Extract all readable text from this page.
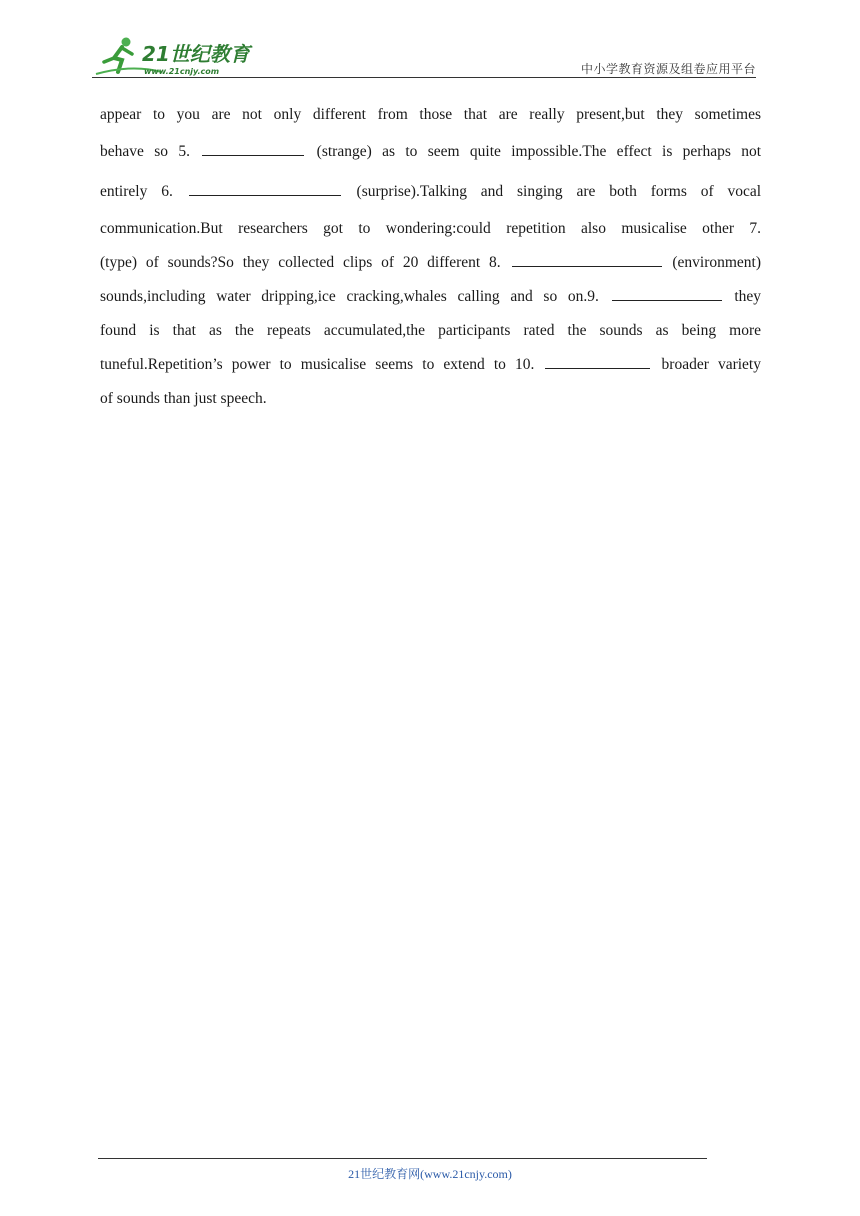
21世纪教育
www.21cnjy.com	中小学教育资源及组卷应用平台
appear to you are not only different from those that are really present,but they sometimes
behave so 5.	(strange) as to seem quite impossible.The effect is perhaps not
entirely 6.	(surprise).Talking and singing are both forms of vocal
communication.But researchers got to wondering:could repetition also musicalise other 7.
(type) of sounds?So they collected clips of 20 different 8.	(environment)
sounds,including water dripping,ice cracking,whales calling and so on.9.	they
found is that as the repeats accumulated,the participants rated the sounds as being more
tuneful.Repetition’s power to musicalise seems to extend to 10.	broader variety
of sounds than just speech.
21世纪教育网(www.21cnjy.com)
